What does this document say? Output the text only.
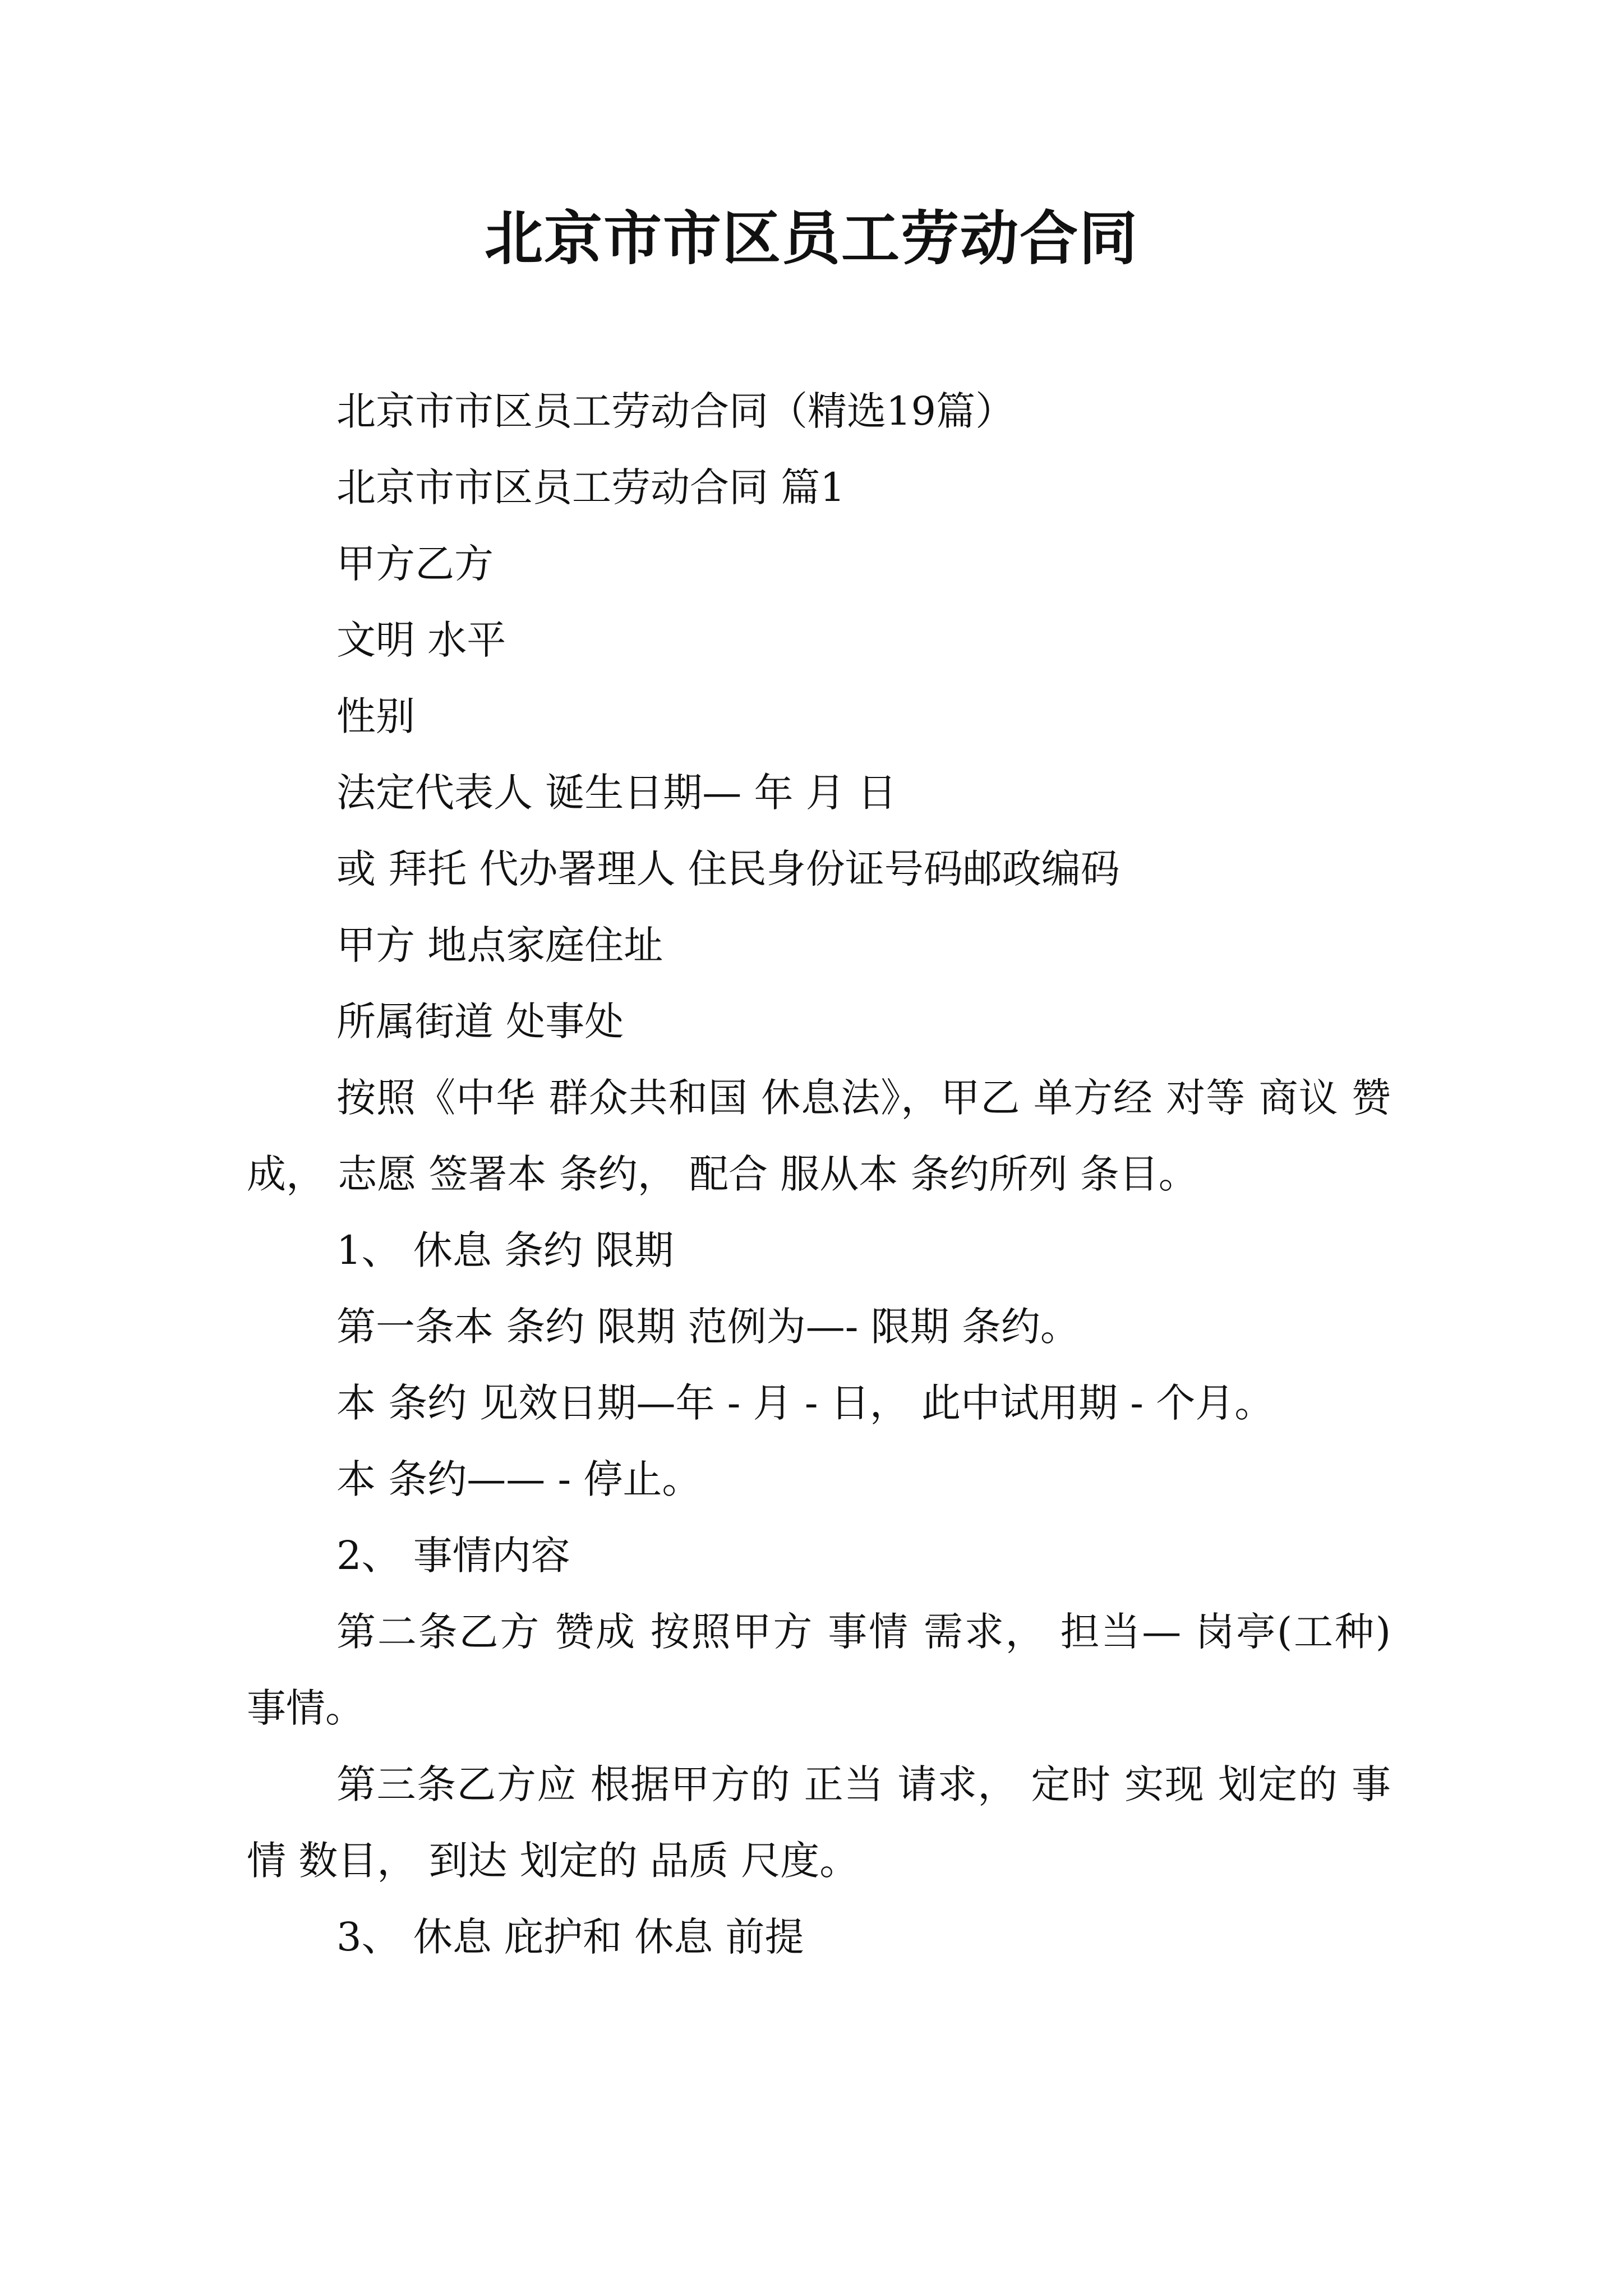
北京市市区员工劳动合同

北京市市区员工劳动合同（精选19篇）

北京市市区员工劳动合同 篇1

甲方乙方

文明 水平

性别

法定代表人 诞生日期— 年 月 日

或 拜托 代办署理人 住民身份证号码邮政编码

甲方 地点家庭住址

所属街道 处事处

按照《中华 群众共和国 休息法》，甲乙 单方经 对等 商议 赞成， 志愿 签署本 条约， 配合 服从本 条约所列 条目。

1、 休息 条约 限期

第一条本 条约 限期 范例为—- 限期 条约。

本 条约 见效日期—年 - 月 - 日， 此中试用期 - 个月。

本 条约—— - 停止。

2、 事情内容

第二条乙方 赞成 按照甲方 事情 需求， 担当— 岗亭(工种) 事情。

第三条乙方应 根据甲方的 正当 请求， 定时 实现 划定的 事情 数目， 到达 划定的 品质 尺度。

3、 休息 庇护和 休息 前提
